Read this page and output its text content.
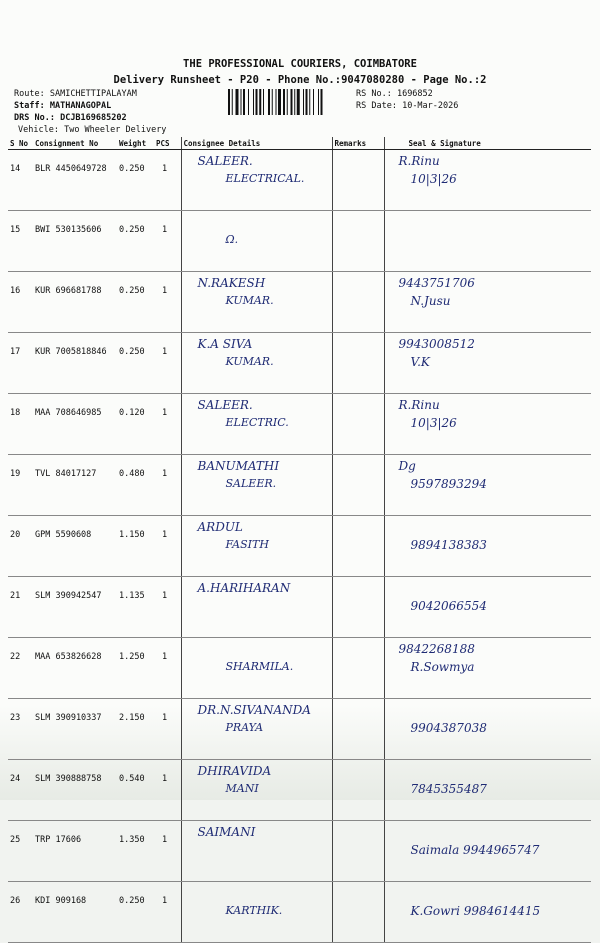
THE PROFESSIONAL COURIERS, COIMBATORE
Delivery Runsheet - P20 - Phone No.:9047080280 - Page No.:2
Route: SAMICHETTIPALAYAM
Staff: MATHANAGOPAL
DRS No.: DCJB169685202
Vehicle: Two Wheeler Delivery
RS No.: 1696852
RS Date: 10-Mar-2026
S No	Consignment No	Weight	PCS	Consignee Details	Remarks	Seal & Signature
14	BLR 4450649728	0.250	1	SALEER.
ELECTRICAL.		R.Rinu
10|3|26

15	BWI 530135606	0.250	1	Ω.		

16	KUR 696681788	0.250	1	N.RAKESH
KUMAR.		9443751706
N.Jusu

17	KUR 7005818846	0.250	1	K.A SIVA
KUMAR.		9943008512
V.K

18	MAA 708646985	0.120	1	SALEER.
ELECTRIC.		R.Rinu
10|3|26

19	TVL 84017127	0.480	1	BANUMATHI
SALEER.		Dg
9597893294

20	GPM 5590608	1.150	1	ARDUL
FASITH		9894138383

21	SLM 390942547	1.135	1	A.HARIHARAN		9042066554

22	MAA 653826628	1.250	1	SHARMILA.		9842268188
R.Sowmya

23	SLM 390910337	2.150	1	DR.N.SIVANANDA
PRAYA		9904387038

24	SLM 390888758	0.540	1	DHIRAVIDA
MANI		7845355487

25	TRP 17606	1.350	1	SAIMANI		Saimala 9944965747

26	KDI 909168	0.250	1	KARTHIK.		K.Gowri 9984614415
